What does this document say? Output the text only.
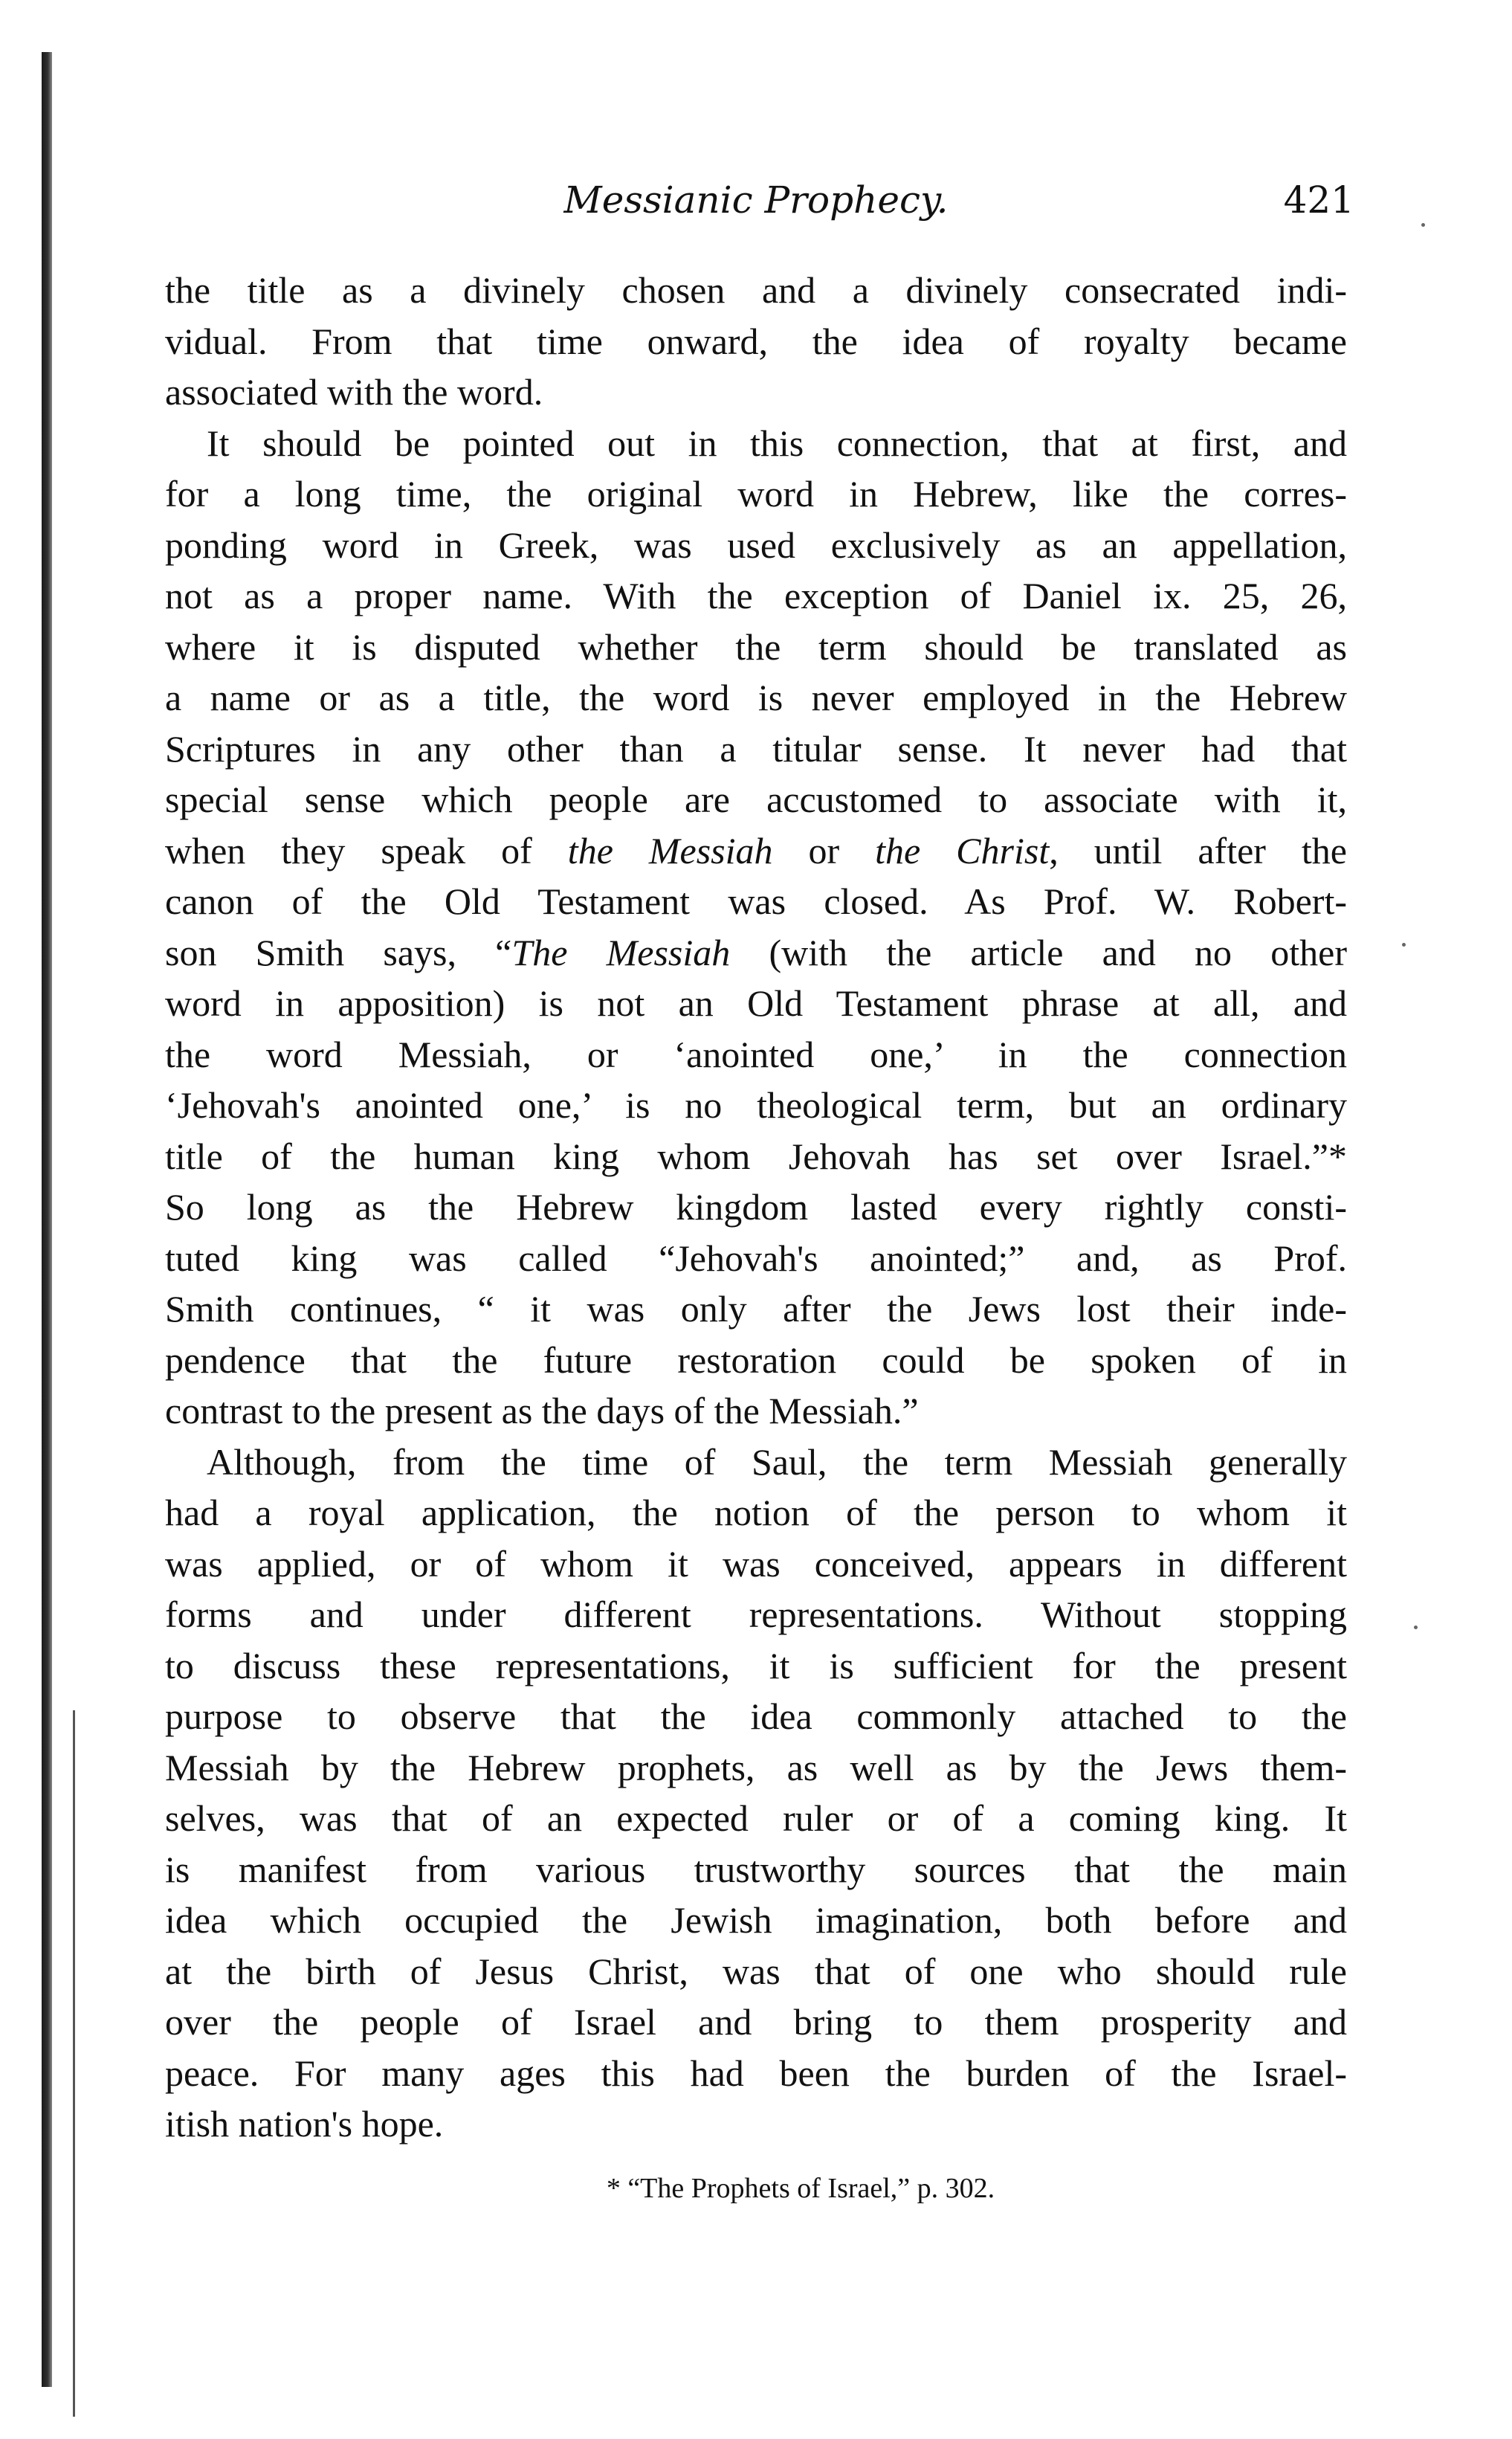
Messianic Prophecy.	421
the title as a divinely chosen and a divinely consecrated indi-
vidual. From that time onward, the idea of royalty became
associated with the word.
It should be pointed out in this connection, that at first, and
for a long time, the original word in Hebrew, like the corres-
ponding word in Greek, was used exclusively as an appellation,
not as a proper name. With the exception of Daniel ix. 25, 26,
where it is disputed whether the term should be translated as
a name or as a title, the word is never employed in the Hebrew
Scriptures in any other than a titular sense. It never had that
special sense which people are accustomed to associate with it,
when they speak of the Messiah or the Christ, until after the
canon of the Old Testament was closed. As Prof. W. Robert-
son Smith says, “The Messiah (with the article and no other
word in apposition) is not an Old Testament phrase at all, and
the word Messiah, or ‘anointed one,’ in the connection
‘Jehovah's anointed one,’ is no theological term, but an ordinary
title of the human king whom Jehovah has set over Israel.”*
So long as the Hebrew kingdom lasted every rightly consti-
tuted king was called “Jehovah's anointed;” and, as Prof.
Smith continues, “ it was only after the Jews lost their inde-
pendence that the future restoration could be spoken of in
contrast to the present as the days of the Messiah.”
Although, from the time of Saul, the term Messiah generally
had a royal application, the notion of the person to whom it
was applied, or of whom it was conceived, appears in different
forms and under different representations. Without stopping
to discuss these representations, it is sufficient for the present
purpose to observe that the idea commonly attached to the
Messiah by the Hebrew prophets, as well as by the Jews them-
selves, was that of an expected ruler or of a coming king. It
is manifest from various trustworthy sources that the main
idea which occupied the Jewish imagination, both before and
at the birth of Jesus Christ, was that of one who should rule
over the people of Israel and bring to them prosperity and
peace. For many ages this had been the burden of the Israel-
itish nation's hope.
* “The Prophets of Israel,” p. 302.
